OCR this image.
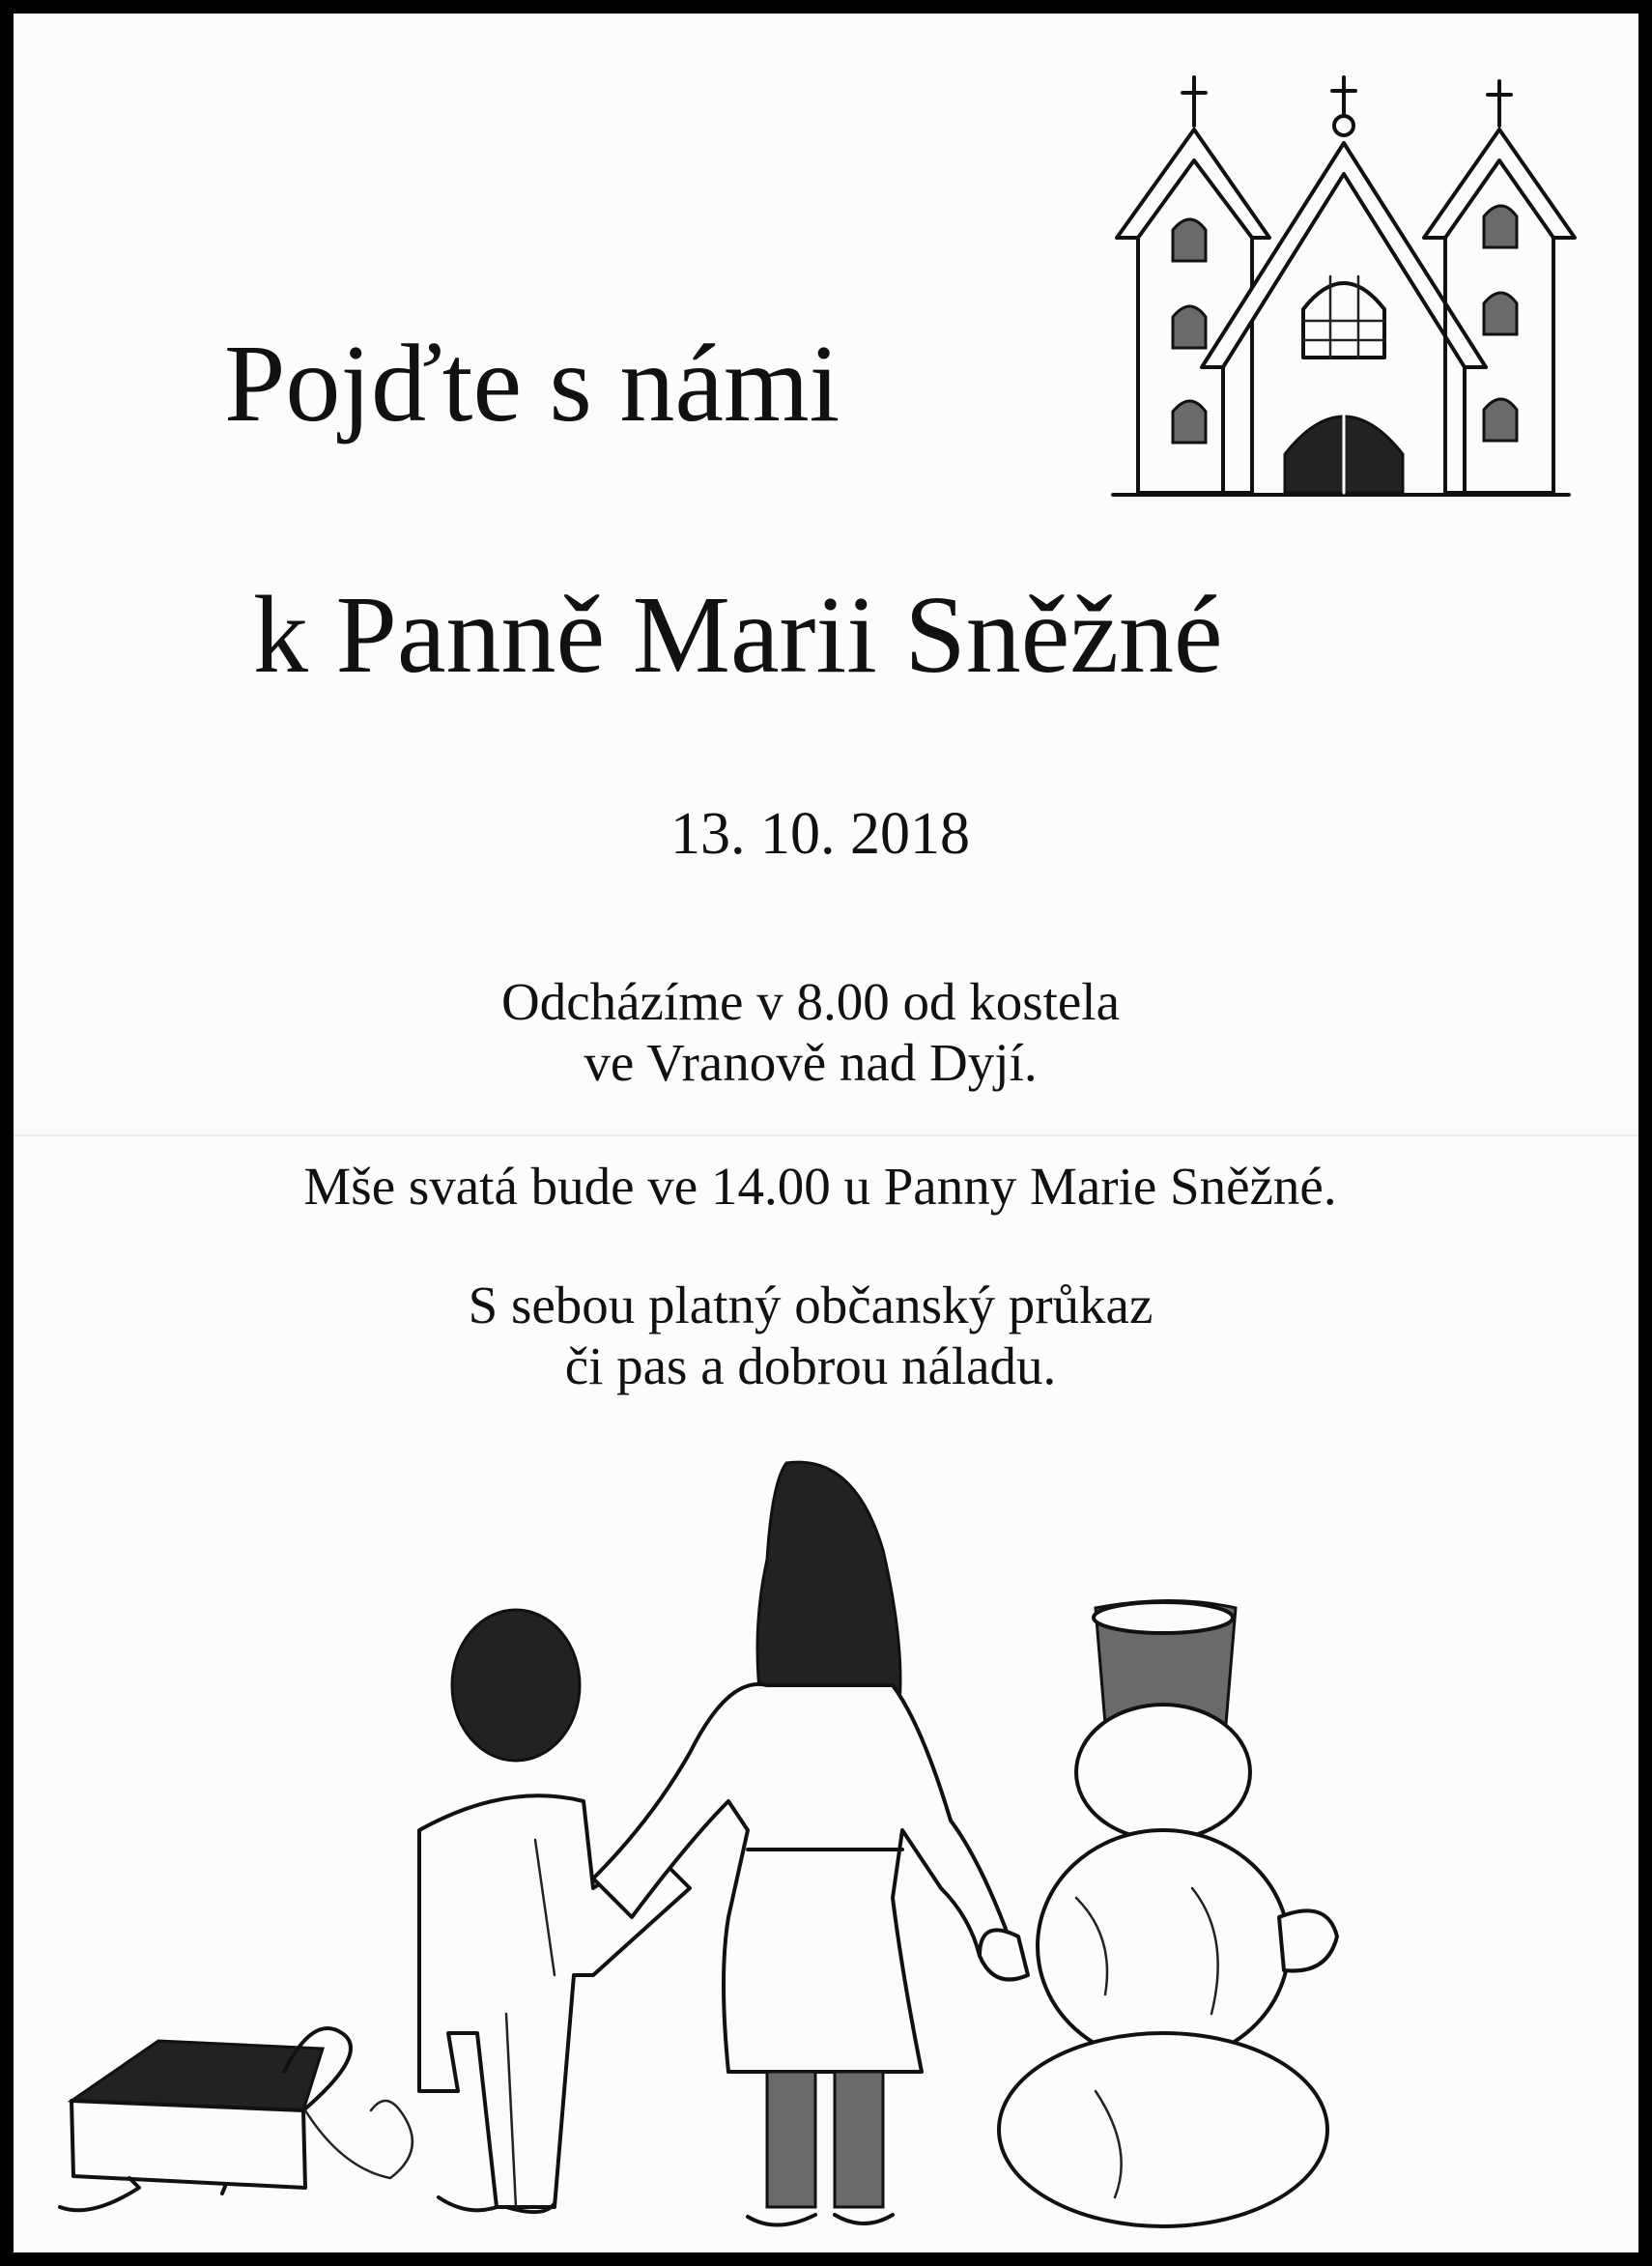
Pojďte s námi
k Panně Marii Sněžné

13. 10. 2018

Odcházíme v 8.00 od kostela
ve Vranově nad Dyjí.

Mše svatá bude ve 14.00 u Panny Marie Sněžné.

S sebou platný občanský průkaz
či pas a dobrou náladu.
